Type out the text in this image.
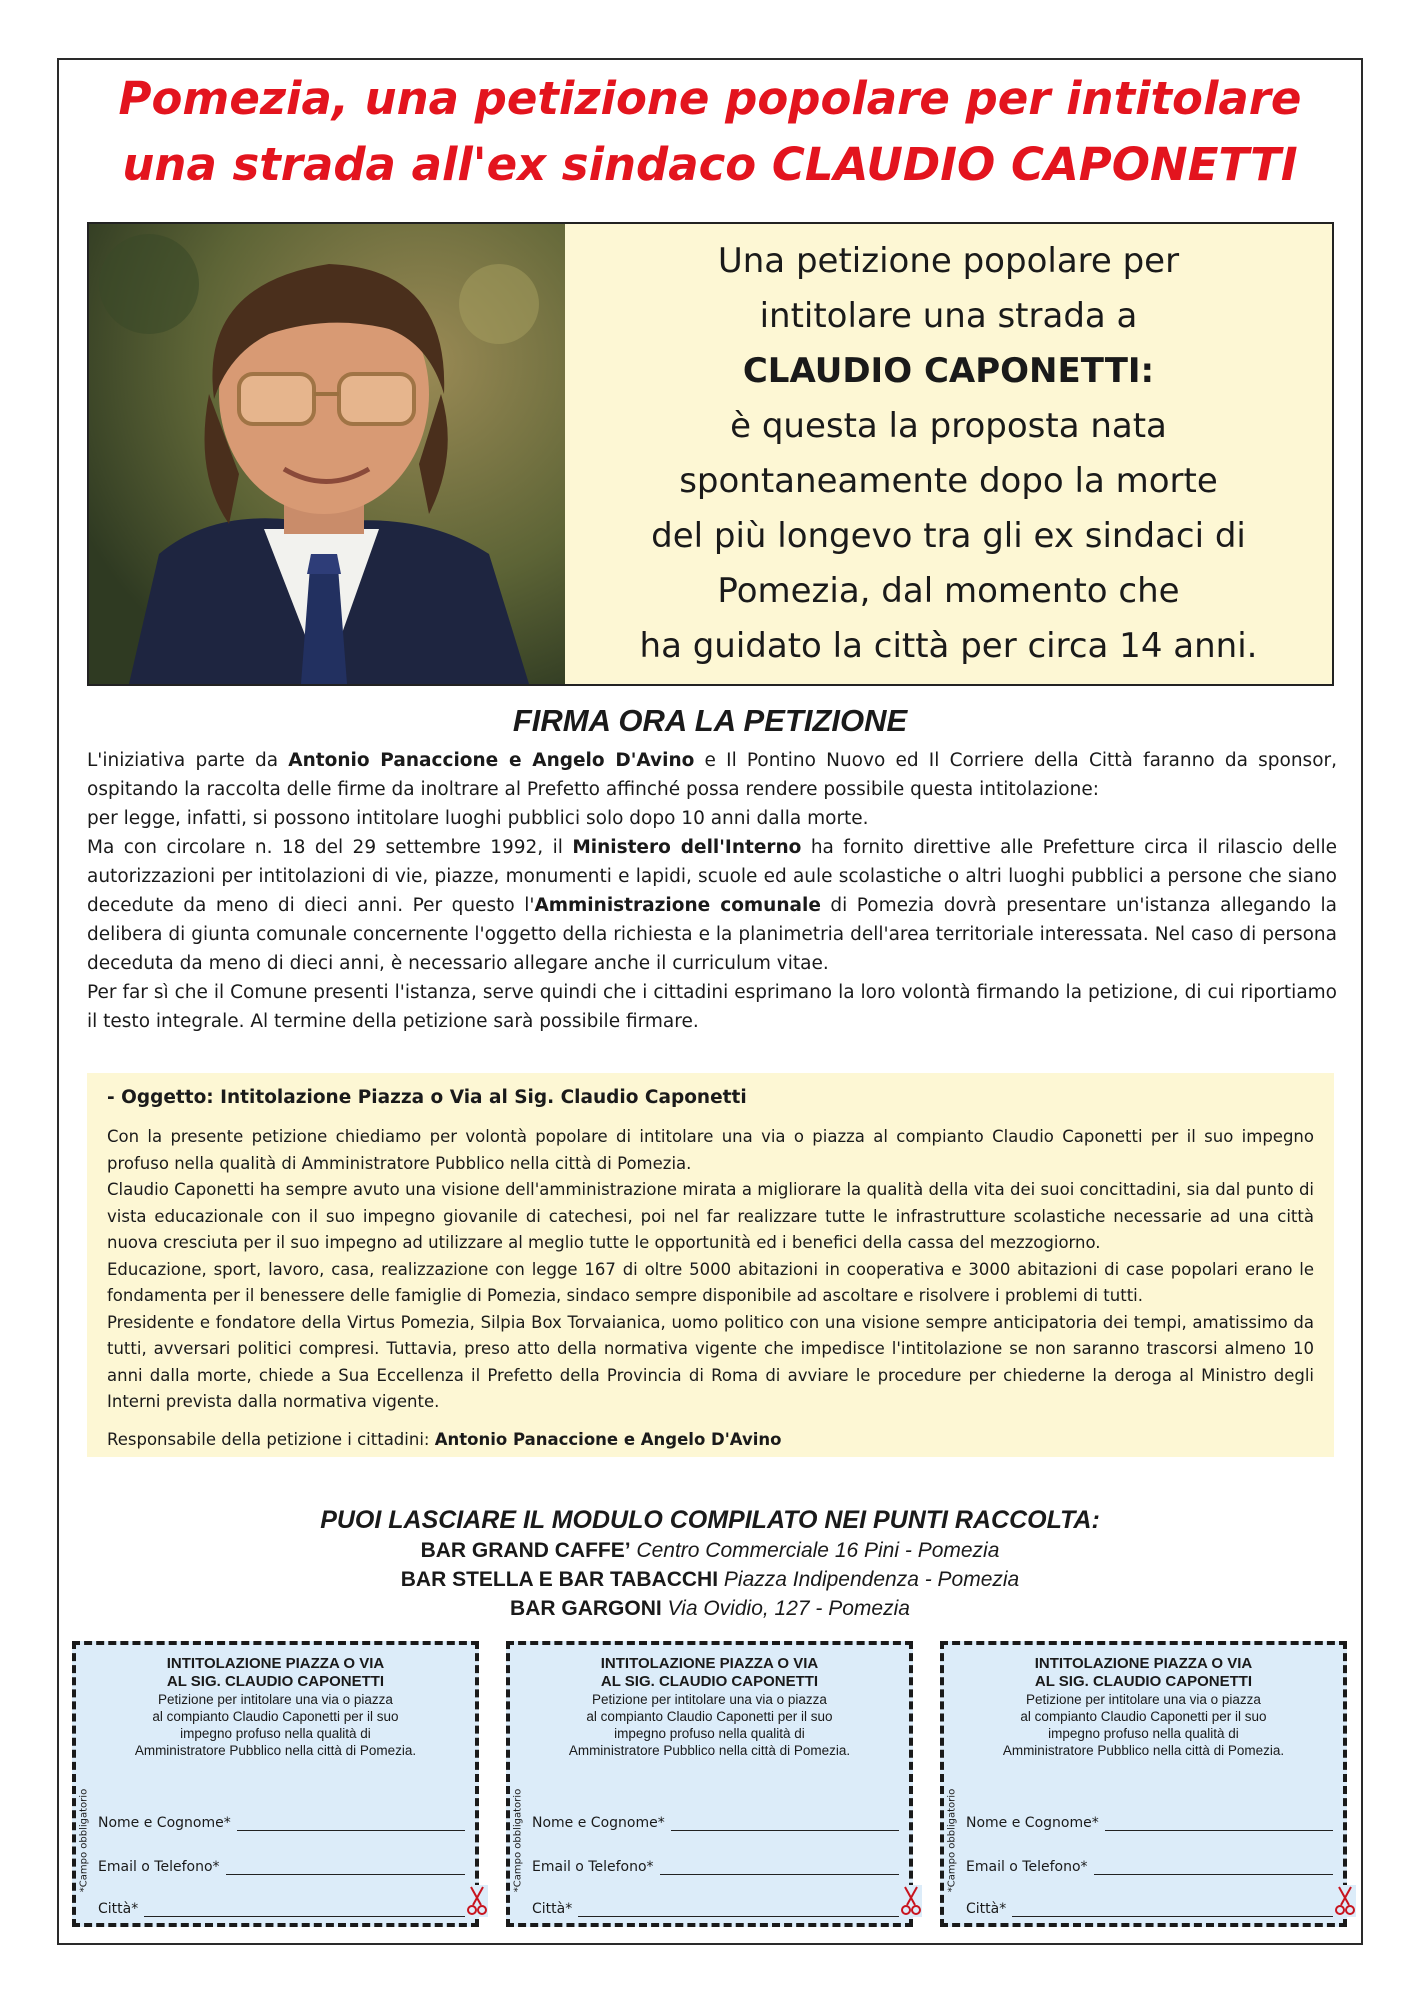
Pomezia, una petizione popolare per intitolare
una strada all'ex sindaco CLAUDIO CAPONETTI
Una petizione popolare per
intitolare una strada a
CLAUDIO CAPONETTI:
è questa la proposta nata
spontaneamente dopo la morte
del più longevo tra gli ex sindaci di
Pomezia, dal momento che
ha guidato la città per circa 14 anni.
FIRMA ORA LA PETIZIONE

L'iniziativa parte da Antonio Panaccione e Angelo D'Avino e Il Pontino Nuovo ed Il Corriere della Città faranno da sponsor, ospitando la raccolta delle firme da inoltrare al Prefetto affinché possa rendere possibile questa intitolazione:

per legge, infatti, si possono intitolare luoghi pubblici solo dopo 10 anni dalla morte.

Ma con circolare n. 18 del 29 settembre 1992, il Ministero dell'Interno ha fornito direttive alle Prefetture circa il rilascio delle autorizzazioni per intitolazioni di vie, piazze, monumenti e lapidi, scuole ed aule scolastiche o altri luoghi pubblici a persone che siano decedute da meno di dieci anni. Per questo l'Amministrazione comunale di Pomezia dovrà presentare un'istanza allegando la delibera di giunta comunale concernente l'oggetto della richiesta e la planimetria dell'area territoriale interessata. Nel caso di persona deceduta da meno di dieci anni, è necessario allegare anche il curriculum vitae.

Per far sì che il Comune presenti l'istanza, serve quindi che i cittadini esprimano la loro volontà firmando la petizione, di cui riportiamo il testo integrale. Al termine della petizione sarà possibile firmare.

- Oggetto: Intitolazione Piazza o Via al Sig. Claudio Caponetti
Con la presente petizione chiediamo per volontà popolare di intitolare una via o piazza al compianto Claudio Caponetti per il suo impegno profuso nella qualità di Amministratore Pubblico nella città di Pomezia.
Claudio Caponetti ha sempre avuto una visione dell'amministrazione mirata a migliorare la qualità della vita dei suoi concittadini, sia dal punto di vista educazionale con il suo impegno giovanile di catechesi, poi nel far realizzare tutte le infrastrutture scolastiche necessarie ad una città nuova cresciuta per il suo impegno ad utilizzare al meglio tutte le opportunità ed i benefici della cassa del mezzogiorno.
Educazione, sport, lavoro, casa, realizzazione con legge 167 di oltre 5000 abitazioni in cooperativa e 3000 abitazioni di case popolari erano le fondamenta per il benessere delle famiglie di Pomezia, sindaco sempre disponibile ad ascoltare e risolvere i problemi di tutti.
Presidente e fondatore della Virtus Pomezia, Silpia Box Torvaianica, uomo politico con una visione sempre anticipatoria dei tempi, amatissimo da tutti, avversari politici compresi. Tuttavia, preso atto della normativa vigente che impedisce l'intitolazione se non saranno trascorsi almeno 10 anni dalla morte, chiede a Sua Eccellenza il Prefetto della Provincia di Roma di avviare le procedure per chiederne la deroga al Ministro degli Interni prevista dalla normativa vigente.
Responsabile della petizione i cittadini: Antonio Panaccione e Angelo D'Avino
PUOI LASCIARE IL MODULO COMPILATO NEI PUNTI RACCOLTA:
BAR GRAND CAFFE’ Centro Commerciale 16 Pini - Pomezia
BAR STELLA E BAR TABACCHI Piazza Indipendenza - Pomezia
BAR GARGONI Via Ovidio, 127 - Pomezia
INTITOLAZIONE PIAZZA O VIA
AL SIG. CLAUDIO CAPONETTI
Petizione per intitolare una via o piazza
al compianto Claudio Caponetti per il suo
impegno profuso nella qualità di
Amministratore Pubblico nella città di Pomezia.
*Campo obbligatorio Nome e Cognome*
Email o Telefono*
Città*
INTITOLAZIONE PIAZZA O VIA
AL SIG. CLAUDIO CAPONETTI
Petizione per intitolare una via o piazza
al compianto Claudio Caponetti per il suo
impegno profuso nella qualità di
Amministratore Pubblico nella città di Pomezia.
*Campo obbligatorio Nome e Cognome*
Email o Telefono*
Città*
INTITOLAZIONE PIAZZA O VIA
AL SIG. CLAUDIO CAPONETTI
Petizione per intitolare una via o piazza
al compianto Claudio Caponetti per il suo
impegno profuso nella qualità di
Amministratore Pubblico nella città di Pomezia.
*Campo obbligatorio Nome e Cognome*
Email o Telefono*
Città*
